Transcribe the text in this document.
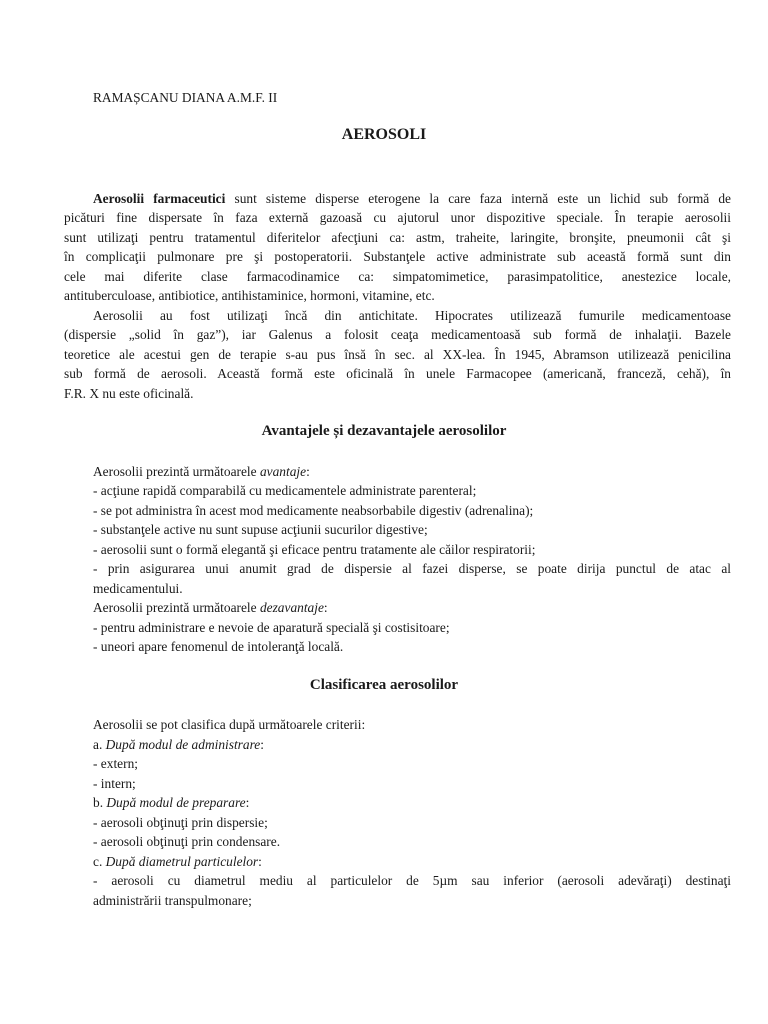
RAMAȘCANU DIANA A.M.F. II
AEROSOLI
Aerosolii farmaceutici sunt sisteme disperse eterogene la care faza internă este un lichid sub formă de
picături fine dispersate în faza externă gazoasă cu ajutorul unor dispozitive speciale. În terapie aerosolii
sunt utilizaţi pentru tratamentul diferitelor afecţiuni ca: astm, traheite, laringite, bronşite, pneumonii cât şi
în complicaţii pulmonare pre şi postoperatorii. Substanţele active administrate sub această formă sunt din
cele mai diferite clase farmacodinamice ca: simpatomimetice, parasimpatolitice, anestezice locale,
antituberculoase, antibiotice, antihistaminice, hormoni, vitamine, etc.
Aerosolii au fost utilizaţi încă din antichitate. Hipocrates utilizează fumurile medicamentoase
(dispersie „solid în gaz”), iar Galenus a folosit ceaţa medicamentoasă sub formă de inhalaţii. Bazele
teoretice ale acestui gen de terapie s-au pus însă în sec. al XX-lea. În 1945, Abramson utilizează penicilina
sub formă de aerosoli. Această formă este oficinală în unele Farmacopee (americană, franceză, cehă), în
F.R. X nu este oficinală.
Avantajele și dezavantajele aerosolilor
Aerosolii prezintă următoarele avantaje:
- acţiune rapidă comparabilă cu medicamentele administrate parenteral;
- se pot administra în acest mod medicamente neabsorbabile digestiv (adrenalina);
- substanţele active nu sunt supuse acţiunii sucurilor digestive;
- aerosolii sunt o formă elegantă şi eficace pentru tratamente ale căilor respiratorii;
- prin asigurarea unui anumit grad de dispersie al fazei disperse, se poate dirija punctul de atac al
medicamentului.
Aerosolii prezintă următoarele dezavantaje:
- pentru administrare e nevoie de aparatură specială şi costisitoare;
- uneori apare fenomenul de intoleranţă locală.
Clasificarea aerosolilor
Aerosolii se pot clasifica după următoarele criterii:
a. După modul de administrare:
- extern;
- intern;
b. După modul de preparare:
- aerosoli obţinuţi prin dispersie;
- aerosoli obţinuţi prin condensare.
c. După diametrul particulelor:
- aerosoli cu diametrul mediu al particulelor de 5µm sau inferior (aerosoli adevăraţi) destinaţi
administrării transpulmonare;
